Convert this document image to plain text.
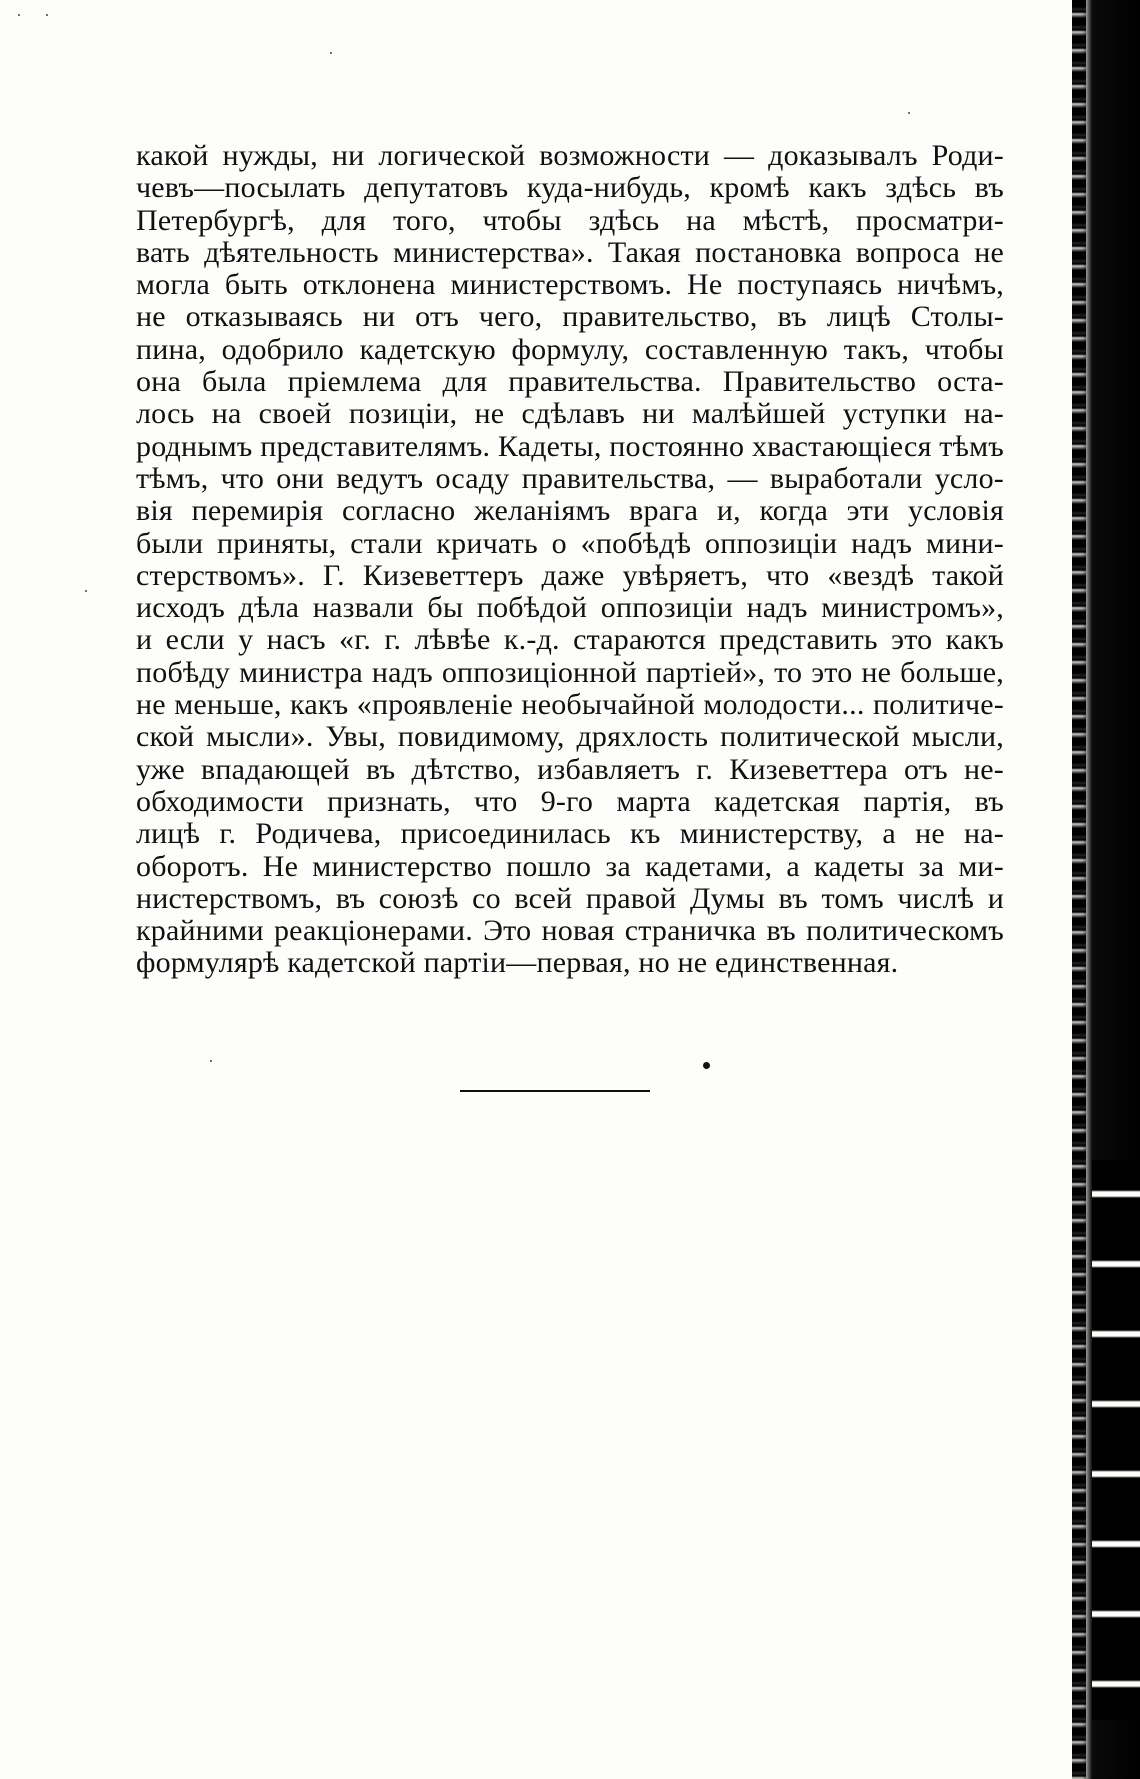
какой нужды, ни логической возможности — доказывалъ Роди-
чевъ—посылать депутатовъ куда-нибудь, кромѣ какъ здѣсь въ
Петербургѣ, для того, чтобы здѣсь на мѣстѣ, просматри-
вать дѣятельность министерства». Такая постановка вопроса не
могла быть отклонена министерствомъ. Не поступаясь ничѣмъ,
не отказываясь ни отъ чего, правительство, въ лицѣ Столы-
пина, одобрило кадетскую формулу, составленную такъ, чтобы
она была пріемлема для правительства. Правительство оста-
лось на своей позиціи, не сдѣлавъ ни малѣйшей уступки на-
роднымъ представителямъ. Кадеты, постоянно хвастающіеся тѣмъ
тѣмъ, что они ведутъ осаду правительства, — выработали усло-
вія перемирія согласно желаніямъ врага и, когда эти условія
были приняты, стали кричать о «побѣдѣ оппозиціи надъ мини-
стерствомъ». Г. Кизеветтеръ даже увѣряетъ, что «вездѣ такой
исходъ дѣла назвали бы побѣдой оппозиціи надъ министромъ»,
и если у насъ «г. г. лѣвѣе к.-д. стараются представить это какъ
побѣду министра надъ оппозиціонной партіей», то это не больше,
не меньше, какъ «проявленіе необычайной молодости... политиче-
ской мысли». Увы, повидимому, дряхлость политической мысли,
уже впадающей въ дѣтство, избавляетъ г. Кизеветтера отъ не-
обходимости признать, что 9-го марта кадетская партія, въ
лицѣ г. Родичева, присоединилась къ министерству, а не на-
оборотъ. Не министерство пошло за кадетами, а кадеты за ми-
нистерствомъ, въ союзѣ со всей правой Думы въ томъ числѣ и
крайними реакціонерами. Это новая страничка въ политическомъ
формулярѣ кадетской партіи—первая, но не единственная.
